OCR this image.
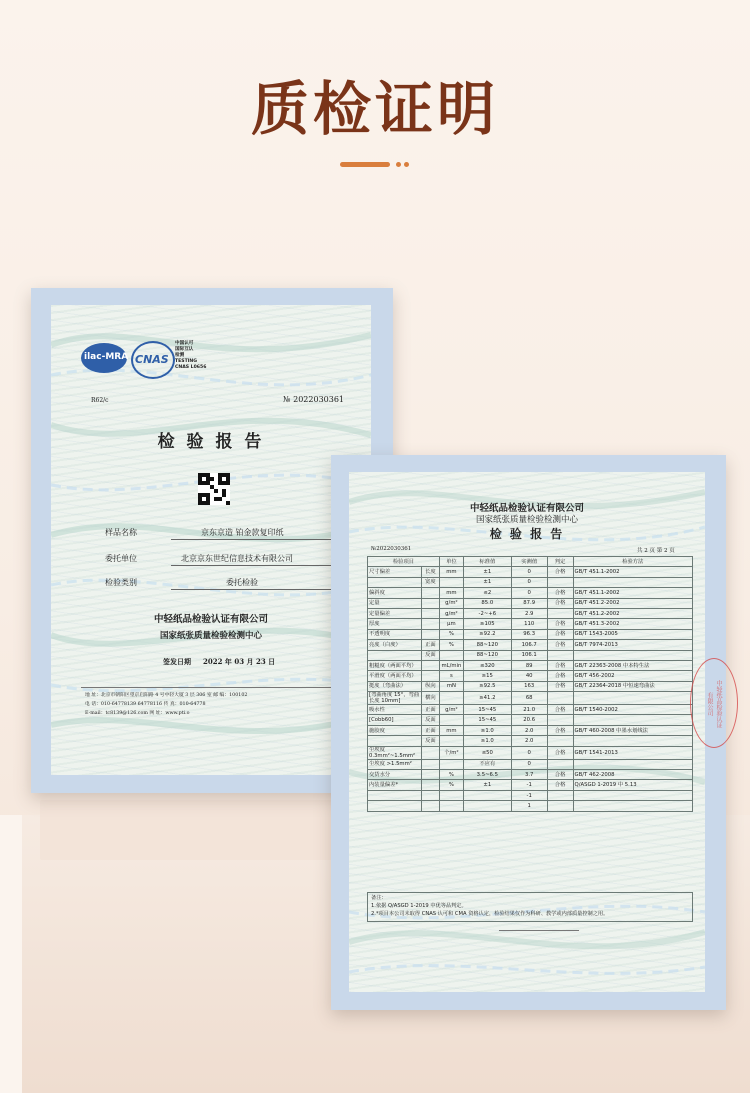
质检证明
ilac-MRA CNAS
中国认可
国际互认
检测
TESTING
CNAS L0656
R62/c	№ 2022030361
检 验 报 告
样品名称	京东京造 铂金款复印纸
委托单位	北京京东世纪信息技术有限公司
检验类别	委托检验
中轻纸品检验认证有限公司
国家纸张质量检验检测中心
签发日期 2022 年 03 月 23 日
地 址：北京市朝阳区望京启阳路 4 号中轻大厦 3 层 306 室 邮 编：100102
电 话：010-64778139 64778116 传 真：010-64778
E-mail：tc8139@126.com 网 址：www.pti.o
中轻纸品检验认证有限公司
国家纸张质量检验检测中心
检 验 报 告
№2022030361	共 2 页 第 2 页
检验项目		单位	标准值	实测值	判定	检验方法
尺寸偏差	长度	mm	±1	0	合格	GB/T 451.1-2002
	宽度		±1	0		
偏斜度		mm	≤2	0	合格	GB/T 451.1-2002
定量		g/m²	85.0	87.9	合格	GB/T 451.2-2002
定量偏差		g/m²	-2~+6	2.9		GB/T 451.2-2002
厚度		μm	≥105	110	合格	GB/T 451.3-2002
不透明度		%	≥92.2	96.3	合格	GB/T 1543-2005
亮度（白度）	正面	%	88~120	106.7	合格	GB/T 7974-2013
	反面		88~120	106.1		
粗糙度（两面平均）		mL/min	≤320	89	合格	GB/T 22363-2008 中本特生法
平滑度（两面平均）		s	≥15	40	合格	GB/T 456-2002
挺度（弯曲法）	纵向	mN	≥92.5	163	合格	GB/T 22364-2018 中恒速弯曲法
[弯曲角度 15°，弯曲长度 10mm]	横向		≥41.2	68		
吸水性	正面	g/m²	15~45	21.0	合格	GB/T 1540-2002
[Cobb60]	反面		15~45	20.6		
施胶度	正面	mm	≥1.0	2.0	合格	GB/T 460-2008 中墨水划线法
	反面		≥1.0	2.0		
尘埃度 0.3mm²~1.5mm²		个/m²	≤50	0	合格	GB/T 1541-2013
尘埃度 >1.5mm²			不应有	0		
交货水分		%	3.5~6.5	3.7	合格	GB/T 462-2008
内装量偏差*		%	±1	-1	合格	Q/ASGD 1-2019 中 5.13
				-1		
				1		
备注：
1.依据 Q/ASGD 1-2019 中优等品判定。
2.*项目本公司未取得 CNAS 认可和 CMA 资格认定，检验结果仅作为科研、教学或内部质量控制之用。
中轻纸品检验认证有限公司
